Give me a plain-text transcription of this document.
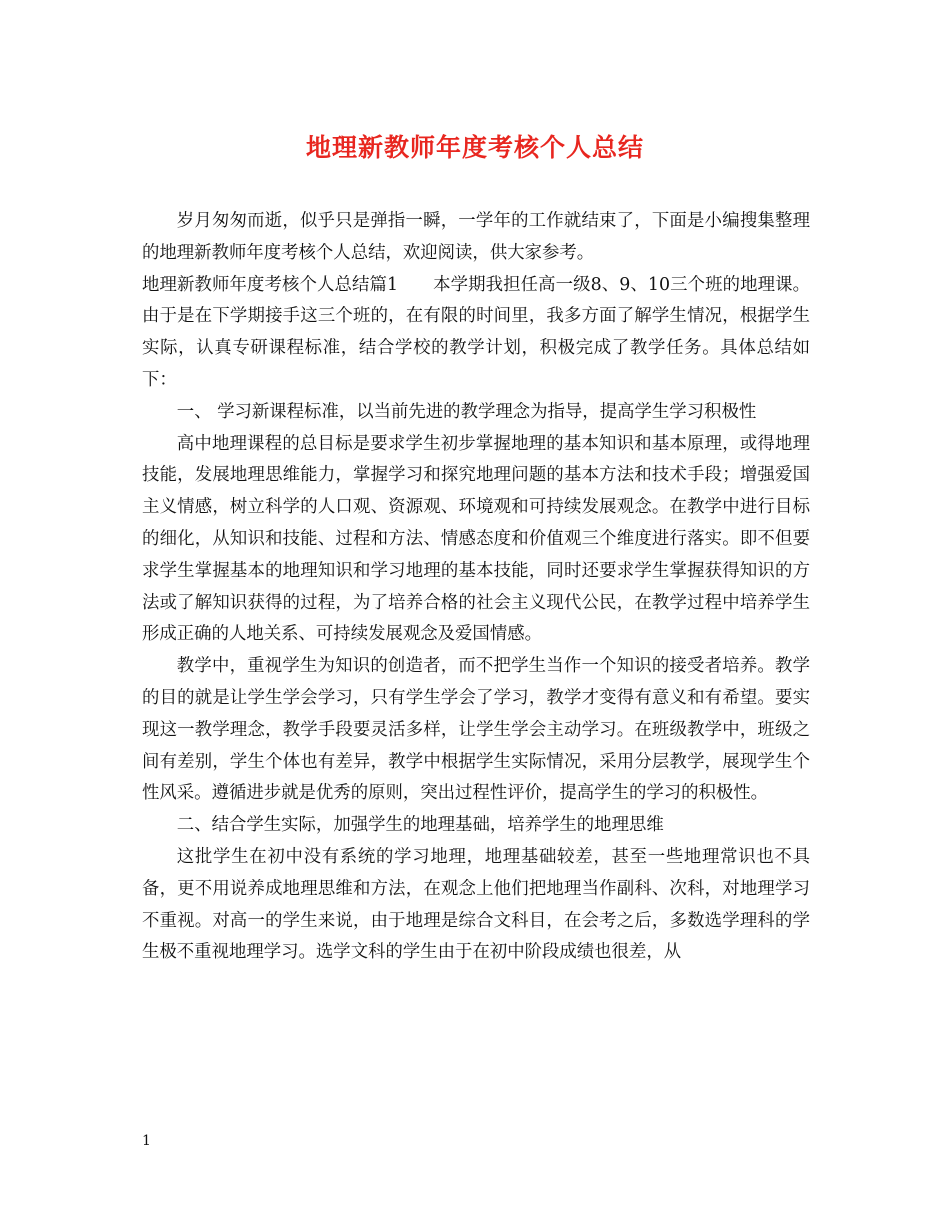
地理新教师年度考核个人总结

岁月匆匆而逝，似乎只是弹指一瞬，一学年的工作就结束了，下面是小编搜集整理的地理新教师年度考核个人总结，欢迎阅读，供大家参考。

地理新教师年度考核个人总结篇1　　本学期我担任高一级8、9、10三个班的地理课。由于是在下学期接手这三个班的，在有限的时间里，我多方面了解学生情况，根据学生实际，认真专研课程标准，结合学校的教学计划，积极完成了教学任务。具体总结如下：

一、 学习新课程标准，以当前先进的教学理念为指导，提高学生学习积极性

高中地理课程的总目标是要求学生初步掌握地理的基本知识和基本原理，或得地理技能，发展地理思维能力，掌握学习和探究地理问题的基本方法和技术手段；增强爱国主义情感，树立科学的人口观、资源观、环境观和可持续发展观念。在教学中进行目标的细化，从知识和技能、过程和方法、情感态度和价值观三个维度进行落实。即不但要求学生掌握基本的地理知识和学习地理的基本技能，同时还要求学生掌握获得知识的方法或了解知识获得的过程，为了培养合格的社会主义现代公民，在教学过程中培养学生形成正确的人地关系、可持续发展观念及爱国情感。

教学中，重视学生为知识的创造者，而不把学生当作一个知识的接受者培养。教学的目的就是让学生学会学习，只有学生学会了学习，教学才变得有意义和有希望。要实现这一教学理念，教学手段要灵活多样，让学生学会主动学习。在班级教学中，班级之间有差别，学生个体也有差异，教学中根据学生实际情况，采用分层教学，展现学生个性风采。遵循进步就是优秀的原则，突出过程性评价，提高学生的学习的积极性。

二、结合学生实际，加强学生的地理基础，培养学生的地理思维

这批学生在初中没有系统的学习地理，地理基础较差，甚至一些地理常识也不具备，更不用说养成地理思维和方法，在观念上他们把地理当作副科、次科，对地理学习不重视。对高一的学生来说，由于地理是综合文科目，在会考之后，多数选学理科的学生极不重视地理学习。选学文科的学生由于在初中阶段成绩也很差，从

1
